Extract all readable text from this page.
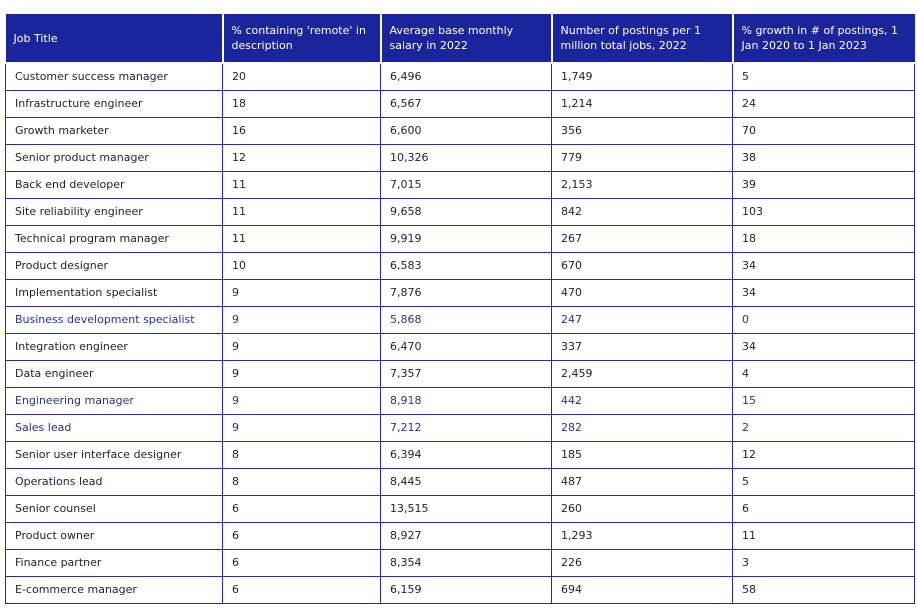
Job Title	% containing 'remote' in description	Average base monthly salary in 2022	Number of postings per 1 million total jobs, 2022	% growth in # of postings, 1 Jan 2020 to 1 Jan 2023
Customer success manager	20	6,496	1,749	5
Infrastructure engineer	18	6,567	1,214	24
Growth marketer	16	6,600	356	70
Senior product manager	12	10,326	779	38
Back end developer	11	7,015	2,153	39
Site reliability engineer	11	9,658	842	103
Technical program manager	11	9,919	267	18
Product designer	10	6,583	670	34
Implementation specialist	9	7,876	470	34
Business development specialist	9	5,868	247	0
Integration engineer	9	6,470	337	34
Data engineer	9	7,357	2,459	4
Engineering manager	9	8,918	442	15
Sales lead	9	7,212	282	2
Senior user interface designer	8	6,394	185	12
Operations lead	8	8,445	487	5
Senior counsel	6	13,515	260	6
Product owner	6	8,927	1,293	11
Finance partner	6	8,354	226	3
E-commerce manager	6	6,159	694	58
